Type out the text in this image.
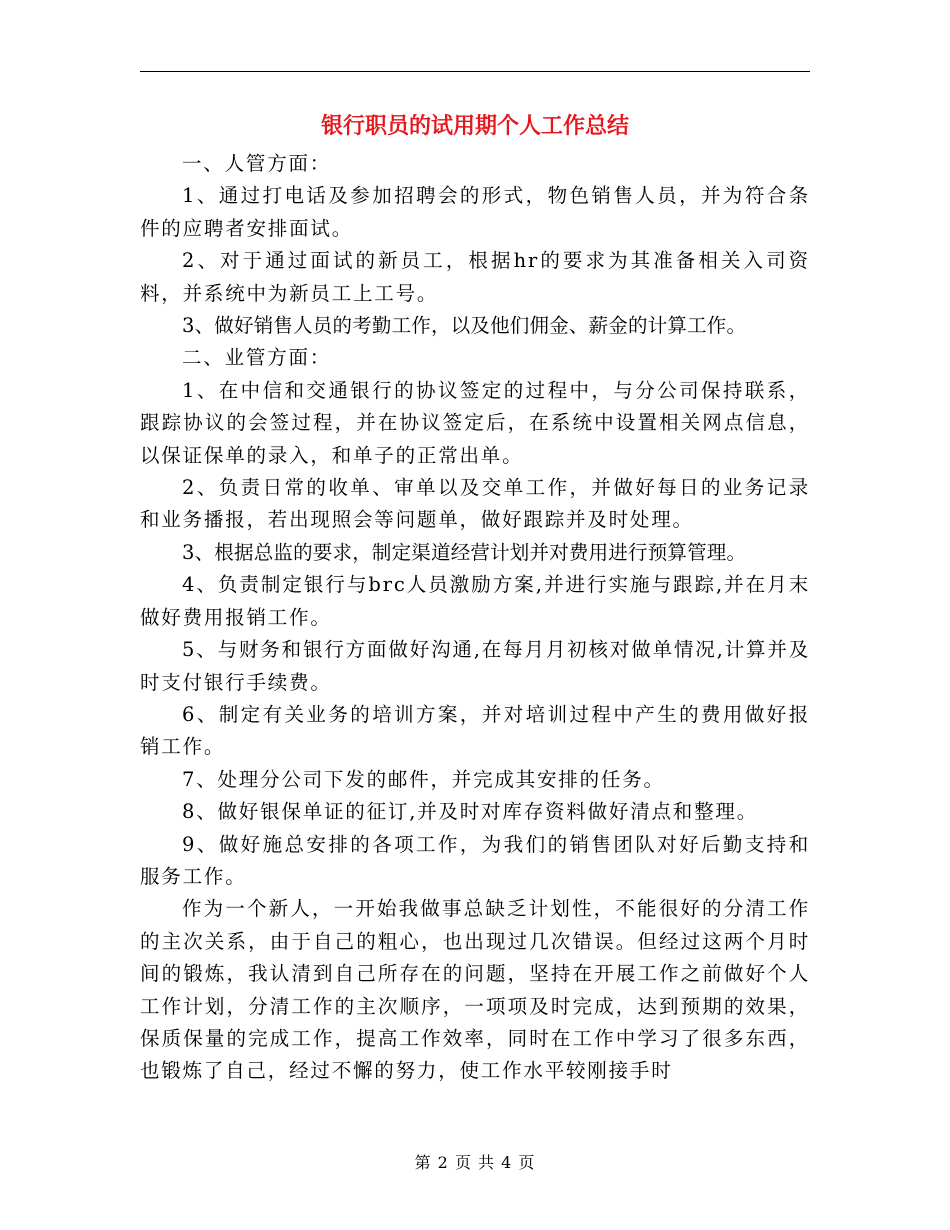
银行职员的试用期个人工作总结

一、人管方面：

1、通过打电话及参加招聘会的形式，物色销售人员，并为符合条件的应聘者安排面试。

2、对于通过面试的新员工，根据hr的要求为其准备相关入司资料，并系统中为新员工上工号。

3、做好销售人员的考勤工作，以及他们佣金、薪金的计算工作。

二、业管方面：

1、在中信和交通银行的协议签定的过程中，与分公司保持联系，跟踪协议的会签过程，并在协议签定后，在系统中设置相关网点信息，以保证保单的录入，和单子的正常出单。

2、负责日常的收单、审单以及交单工作，并做好每日的业务记录和业务播报，若出现照会等问题单，做好跟踪并及时处理。

3、根据总监的要求，制定渠道经营计划并对费用进行预算管理。

4、负责制定银行与brc人员激励方案,并进行实施与跟踪,并在月末做好费用报销工作。

5、与财务和银行方面做好沟通,在每月月初核对做单情况,计算并及时支付银行手续费。

6、制定有关业务的培训方案，并对培训过程中产生的费用做好报销工作。

7、处理分公司下发的邮件，并完成其安排的任务。

8、做好银保单证的征订,并及时对库存资料做好清点和整理。

9、做好施总安排的各项工作，为我们的销售团队对好后勤支持和服务工作。

作为一个新人，一开始我做事总缺乏计划性，不能很好的分清工作的主次关系，由于自己的粗心，也出现过几次错误。但经过这两个月时间的锻炼，我认清到自己所存在的问题，坚持在开展工作之前做好个人工作计划，分清工作的主次顺序，一项项及时完成，达到预期的效果，保质保量的完成工作，提高工作效率，同时在工作中学习了很多东西，也锻炼了自己，经过不懈的努力，使工作水平较刚接手时

第 2 页 共 4 页
